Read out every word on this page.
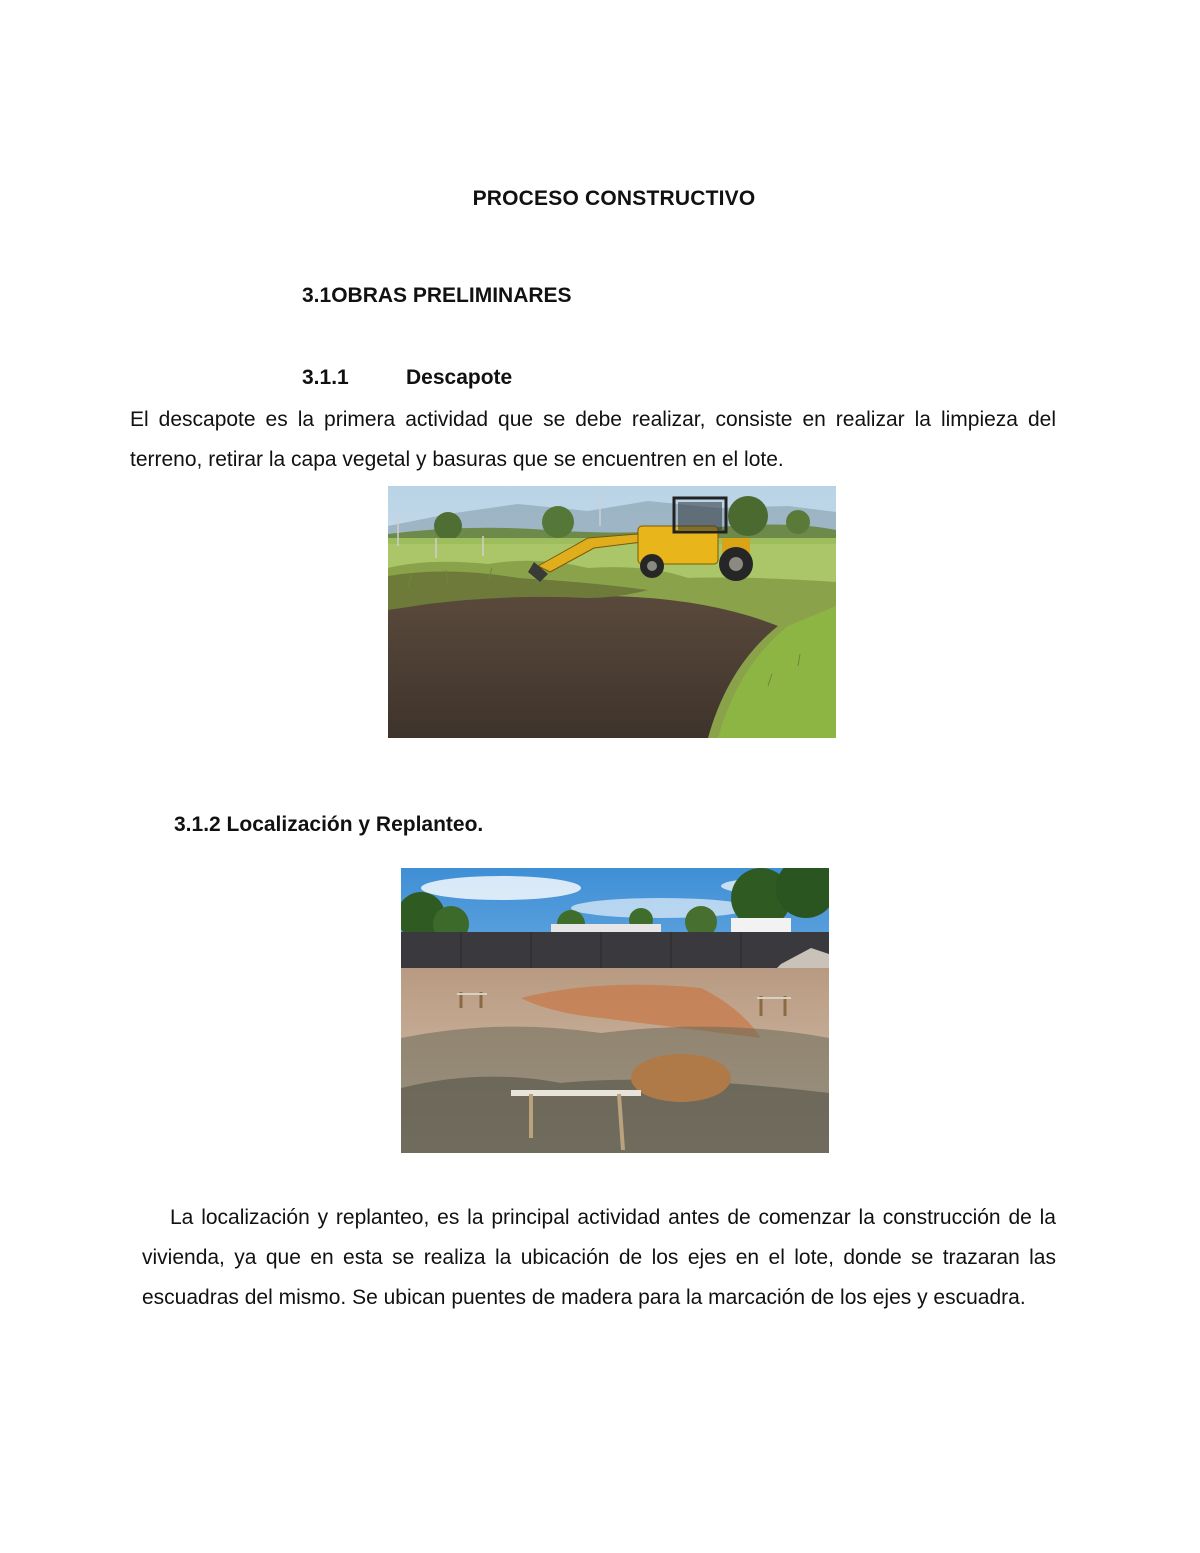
PROCESO CONSTRUCTIVO
3.1OBRAS PRELIMINARES
3.1.1	Descapote
El descapote es la primera actividad que se debe realizar, consiste en realizar la limpieza del terreno, retirar la capa vegetal y basuras que se encuentren en el lote.
3.1.2 Localización y Replanteo.
La localización y replanteo, es la principal actividad antes de comenzar la construcción de la vivienda, ya que en esta se realiza la ubicación de los ejes en el lote, donde se trazaran las escuadras del mismo. Se ubican puentes de madera para la marcación de los ejes y escuadra.
